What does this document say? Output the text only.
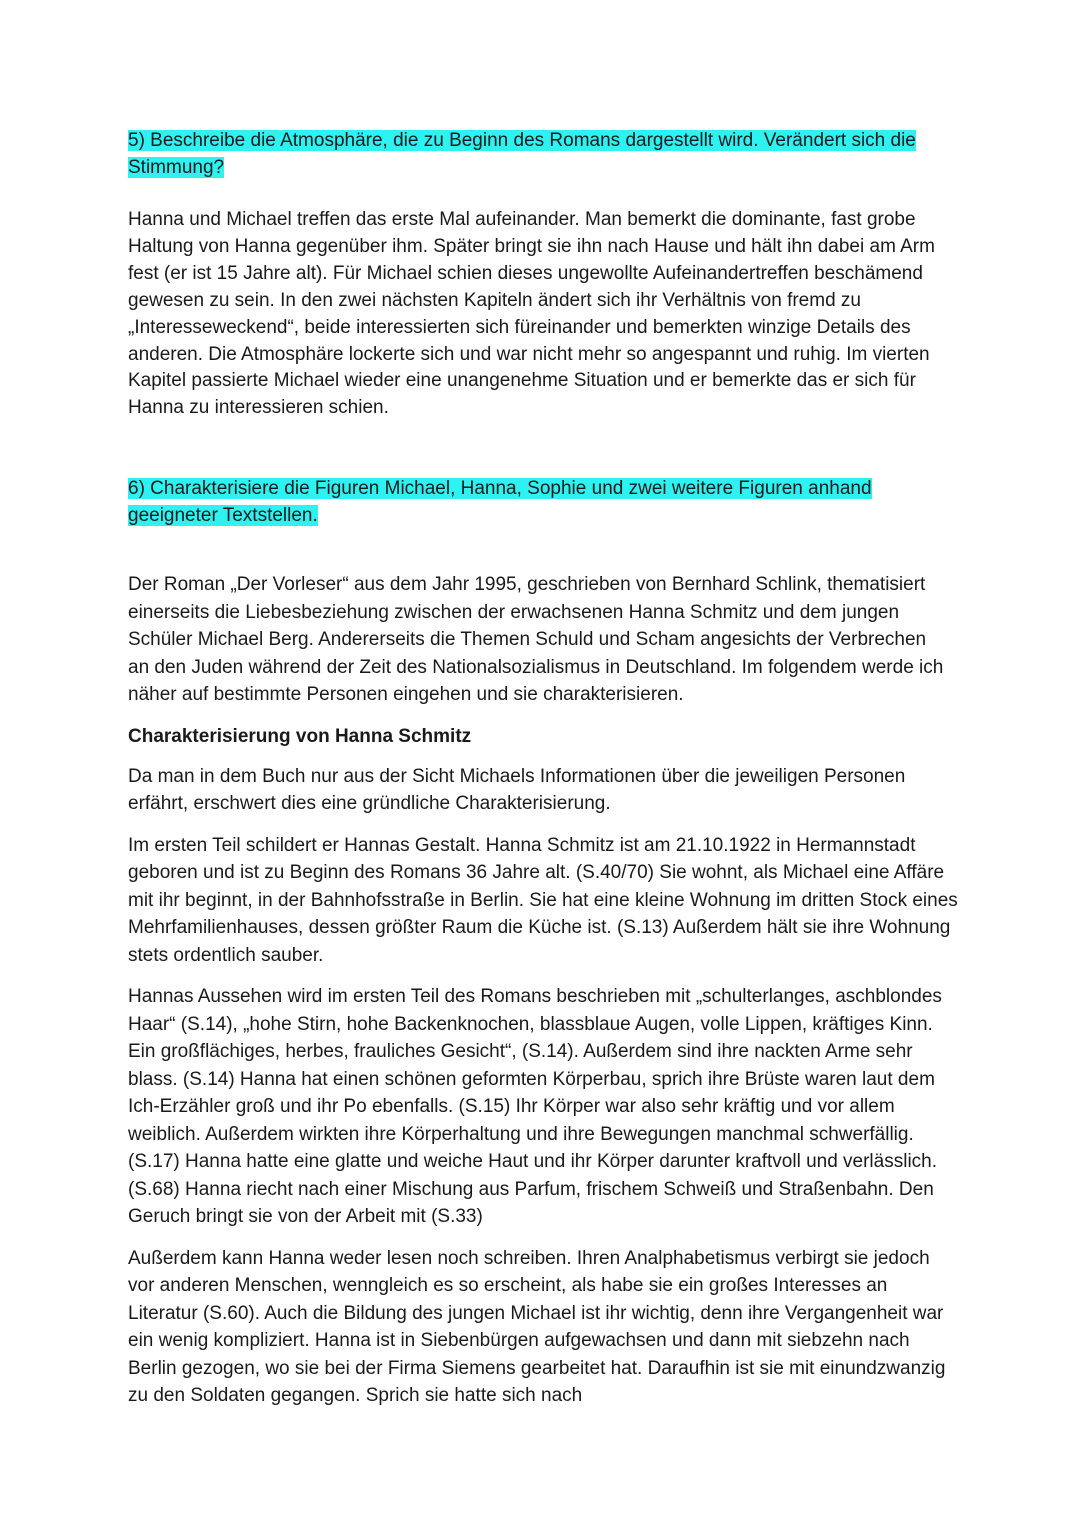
5) Beschreibe die Atmosphäre, die zu Beginn des Romans dargestellt wird. Verändert sich die Stimmung?

Hanna und Michael treffen das erste Mal aufeinander. Man bemerkt die dominante, fast grobe Haltung von Hanna gegenüber ihm. Später bringt sie ihn nach Hause und hält ihn dabei am Arm fest (er ist 15 Jahre alt). Für Michael schien dieses ungewollte Aufeinandertreffen beschämend gewesen zu sein. In den zwei nächsten Kapiteln ändert sich ihr Verhältnis von fremd zu „Interesseweckend“, beide interessierten sich füreinander und bemerkten winzige Details des anderen. Die Atmosphäre lockerte sich und war nicht mehr so angespannt und ruhig. Im vierten Kapitel passierte Michael wieder eine unangenehme Situation und er bemerkte das er sich für Hanna zu interessieren schien.

6) Charakterisiere die Figuren Michael, Hanna, Sophie und zwei weitere Figuren anhand geeigneter Textstellen.

Der Roman „Der Vorleser“ aus dem Jahr 1995, geschrieben von Bernhard Schlink, thematisiert einerseits die Liebesbeziehung zwischen der erwachsenen Hanna Schmitz und dem jungen Schüler Michael Berg. Andererseits die Themen Schuld und Scham angesichts der Verbrechen an den Juden während der Zeit des Nationalsozialismus in Deutschland. Im folgendem werde ich näher auf bestimmte Personen eingehen und sie charakterisieren.

Charakterisierung von Hanna Schmitz

Da man in dem Buch nur aus der Sicht Michaels Informationen über die jeweiligen Personen erfährt, erschwert dies eine gründliche Charakterisierung.

Im ersten Teil schildert er Hannas Gestalt. Hanna Schmitz ist am 21.10.1922 in Hermannstadt geboren und ist zu Beginn des Romans 36 Jahre alt. (S.40/70) Sie wohnt, als Michael eine Affäre mit ihr beginnt, in der Bahnhofsstraße in Berlin. Sie hat eine kleine Wohnung im dritten Stock eines Mehrfamilienhauses, dessen größter Raum die Küche ist. (S.13) Außerdem hält sie ihre Wohnung stets ordentlich sauber.

Hannas Aussehen wird im ersten Teil des Romans beschrieben mit „schulterlanges, aschblondes Haar“ (S.14), „hohe Stirn, hohe Backenknochen, blassblaue Augen, volle Lippen, kräftiges Kinn. Ein großflächiges, herbes, frauliches Gesicht“, (S.14). Außerdem sind ihre nackten Arme sehr blass. (S.14) Hanna hat einen schönen geformten Körperbau, sprich ihre Brüste waren laut dem Ich-Erzähler groß und ihr Po ebenfalls. (S.15) Ihr Körper war also sehr kräftig und vor allem weiblich. Außerdem wirkten ihre Körperhaltung und ihre Bewegungen manchmal schwerfällig. (S.17) Hanna hatte eine glatte und weiche Haut und ihr Körper darunter kraftvoll und verlässlich. (S.68) Hanna riecht nach einer Mischung aus Parfum, frischem Schweiß und Straßenbahn. Den Geruch bringt sie von der Arbeit mit (S.33)

Außerdem kann Hanna weder lesen noch schreiben. Ihren Analphabetismus verbirgt sie jedoch vor anderen Menschen, wenngleich es so erscheint, als habe sie ein großes Interesses an Literatur (S.60). Auch die Bildung des jungen Michael ist ihr wichtig, denn ihre Vergangenheit war ein wenig kompliziert. Hanna ist in Siebenbürgen aufgewachsen und dann mit siebzehn nach Berlin gezogen, wo sie bei der Firma Siemens gearbeitet hat. Daraufhin ist sie mit einundzwanzig zu den Soldaten gegangen. Sprich sie hatte sich nach
